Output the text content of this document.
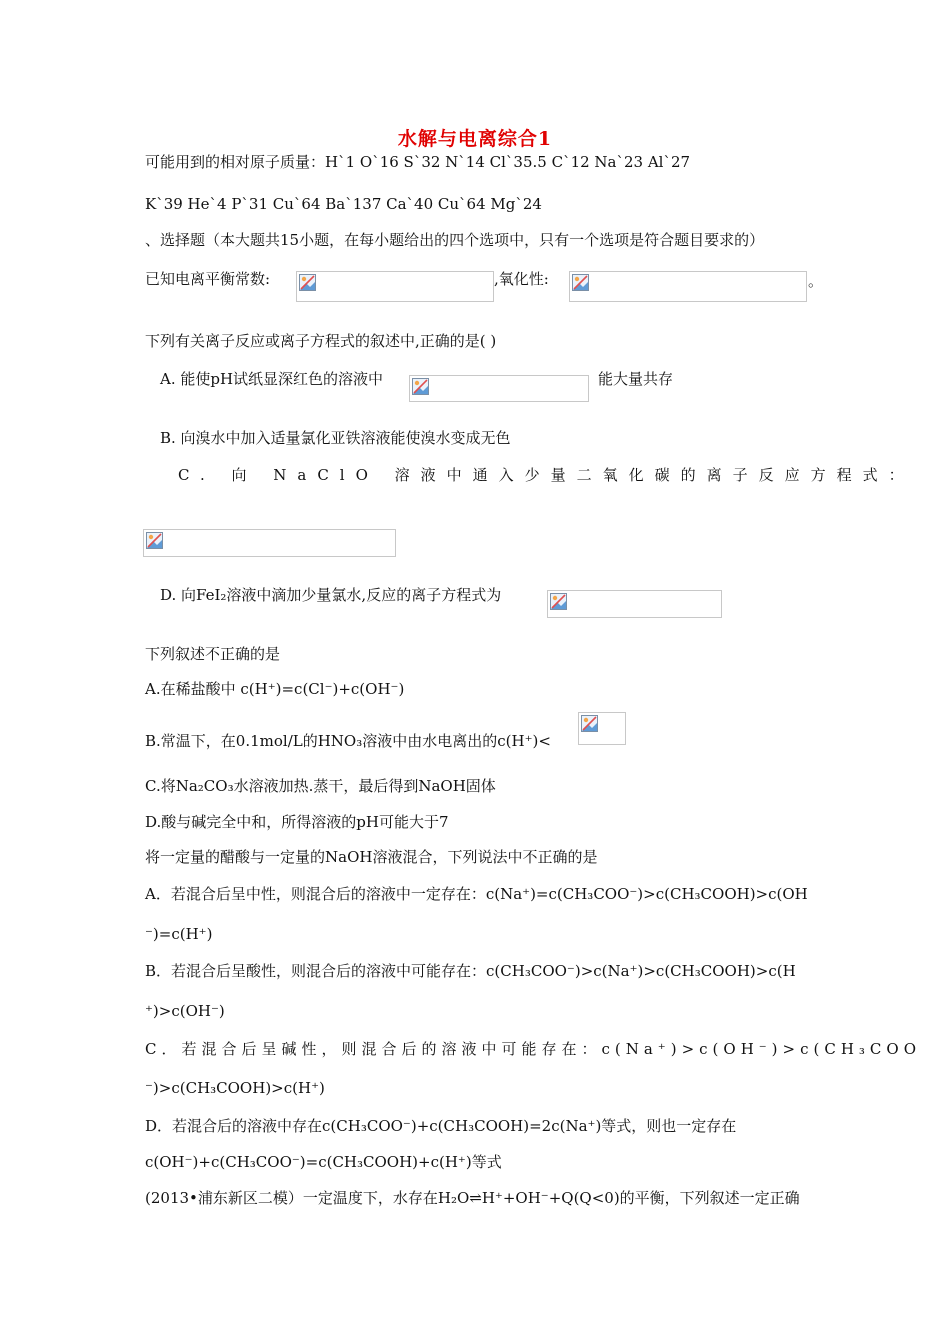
水解与电离综合1
可能用到的相对原子质量：H`1 O`16 S`32 N`14 Cl`35.5 C`12 Na`23 Al`27
K`39 He`4 P`31 Cu`64 Ba`137 Ca`40 Cu`64 Mg`24
、选择题（本大题共15小题，在每小题给出的四个选项中，只有一个选项是符合题目要求的）
已知电离平衡常数:	,氧化性:	。
下列有关离子反应或离子方程式的叙述中,正确的是( )
A. 能使pH试纸显深红色的溶液中	能大量共存
B. 向溴水中加入适量氯化亚铁溶液能使溴水变成无色
C. 向 NaClO 溶液中通入少量二氧化碳的离子反应方程式：
D. 向FeI₂溶液中滴加少量氯水,反应的离子方程式为
下列叙述不正确的是
A.在稀盐酸中 c(H⁺)=c(Cl⁻)+c(OH⁻)
B.常温下，在0.1mol/L的HNO₃溶液中由水电离出的c(H⁺)<
C.将Na₂CO₃水溶液加热.蒸干，最后得到NaOH固体
D.酸与碱完全中和，所得溶液的pH可能大于7
将一定量的醋酸与一定量的NaOH溶液混合，下列说法中不正确的是
A．若混合后呈中性，则混合后的溶液中一定存在：c(Na⁺)=c(CH₃COO⁻)>c(CH₃COOH)>c(OH
⁻)=c(H⁺)
B．若混合后呈酸性，则混合后的溶液中可能存在：c(CH₃COO⁻)>c(Na⁺)>c(CH₃COOH)>c(H
⁺)>c(OH⁻)
C．若混合后呈碱性，则混合后的溶液中可能存在：c(Na⁺)>c(OH⁻)>c(CH₃COO
⁻)>c(CH₃COOH)>c(H⁺)
D．若混合后的溶液中存在c(CH₃COO⁻)+c(CH₃COOH)=2c(Na⁺)等式，则也一定存在
c(OH⁻)+c(CH₃COO⁻)=c(CH₃COOH)+c(H⁺)等式
(2013•浦东新区二模）一定温度下，水存在H₂O⇌H⁺+OH⁻+Q(Q<0)的平衡，下列叙述一定正确
